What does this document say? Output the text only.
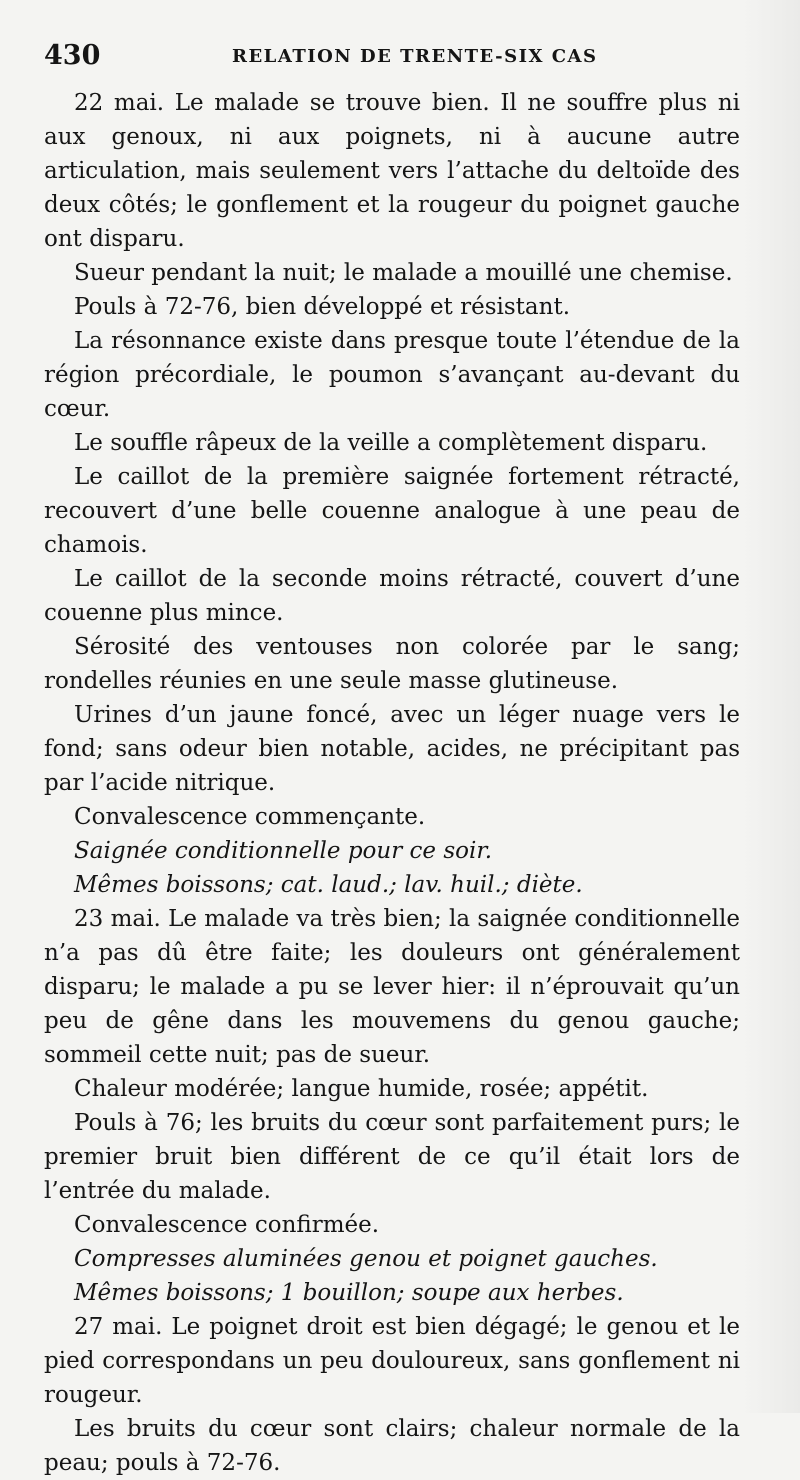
430	RELATION DE TRENTE-SIX CAS

22 mai. Le malade se trouve bien. Il ne souffre plus ni aux genoux, ni aux poignets, ni à aucune autre articulation, mais seulement vers l’attache du deltoïde des deux côtés; le gonflement et la rougeur du poignet gauche ont disparu.

Sueur pendant la nuit; le malade a mouillé une chemise.

Pouls à 72-76, bien développé et résistant.

La résonnance existe dans presque toute l’étendue de la région précordiale, le poumon s’avançant au-devant du cœur.

Le souffle râpeux de la veille a complètement disparu.

Le caillot de la première saignée fortement rétracté, recouvert d’une belle couenne analogue à une peau de chamois.

Le caillot de la seconde moins rétracté, couvert d’une couenne plus mince.

Sérosité des ventouses non colorée par le sang; rondelles réunies en une seule masse glutineuse.

Urines d’un jaune foncé, avec un léger nuage vers le fond; sans odeur bien notable, acides, ne précipitant pas par l’acide nitrique.

Convalescence commençante.

Saignée conditionnelle pour ce soir.

Mêmes boissons; cat. laud.; lav. huil.; diète.

23 mai. Le malade va très bien; la saignée conditionnelle n’a pas dû être faite; les douleurs ont généralement disparu; le malade a pu se lever hier: il n’éprouvait qu’un peu de gêne dans les mouvemens du genou gauche; sommeil cette nuit; pas de sueur.

Chaleur modérée; langue humide, rosée; appétit.

Pouls à 76; les bruits du cœur sont parfaitement purs; le premier bruit bien différent de ce qu’il était lors de l’entrée du malade.

Convalescence confirmée.

Compresses aluminées genou et poignet gauches.

Mêmes boissons; 1 bouillon; soupe aux herbes.

27 mai. Le poignet droit est bien dégagé; le genou et le pied correspondans un peu douloureux, sans gonflement ni rougeur.

Les bruits du cœur sont clairs; chaleur normale de la peau; pouls à 72-76.
